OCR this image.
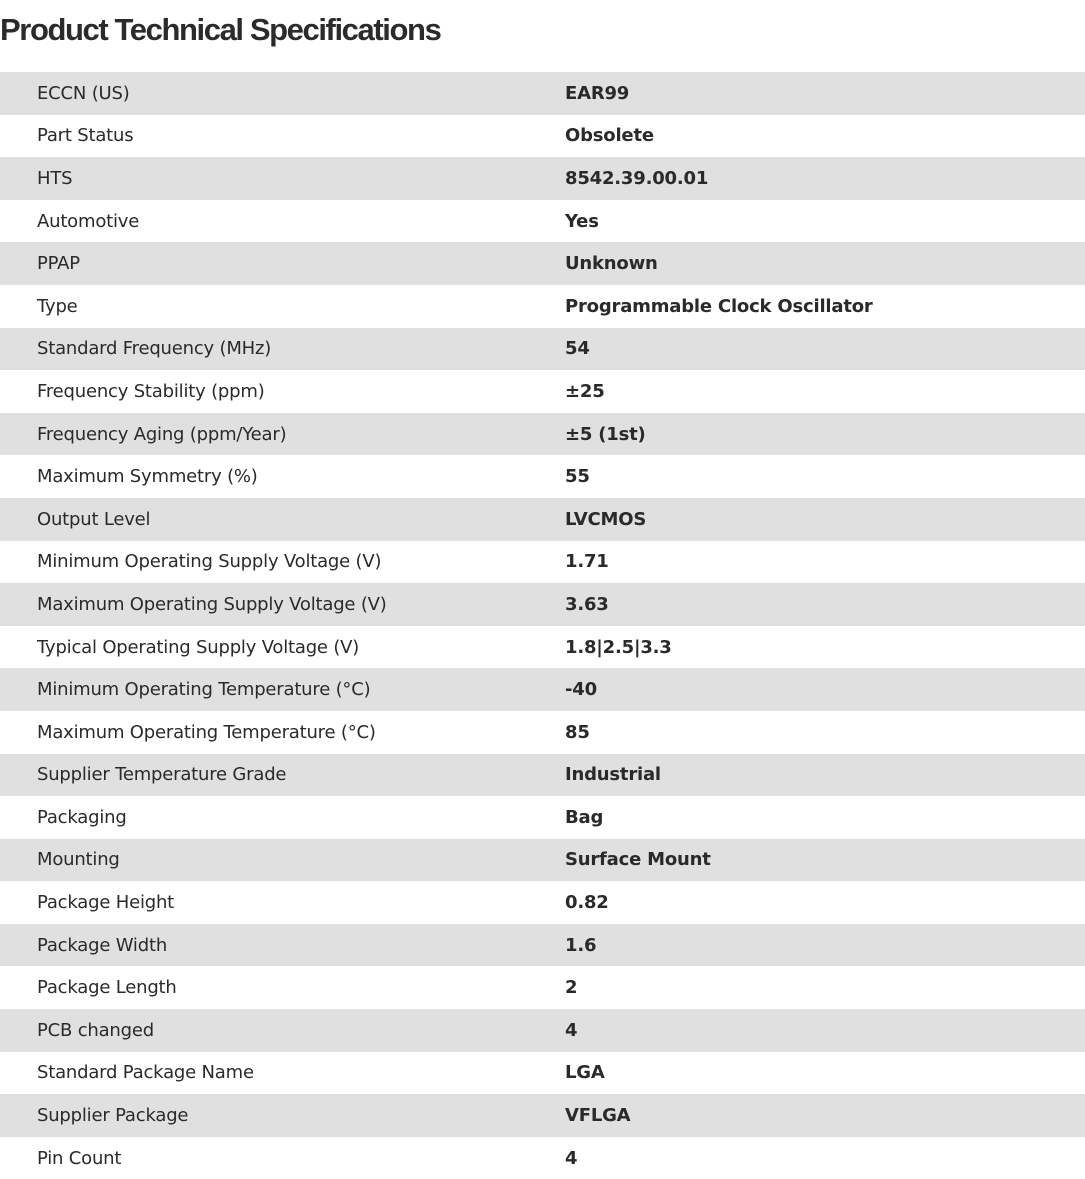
Product Technical Specifications
ECCN (US)	EAR99
Part Status	Obsolete
HTS	8542.39.00.01
Automotive	Yes
PPAP	Unknown
Type	Programmable Clock Oscillator
Standard Frequency (MHz)	54
Frequency Stability (ppm)	±25
Frequency Aging (ppm/Year)	±5 (1st)
Maximum Symmetry (%)	55
Output Level	LVCMOS
Minimum Operating Supply Voltage (V)	1.71
Maximum Operating Supply Voltage (V)	3.63
Typical Operating Supply Voltage (V)	1.8|2.5|3.3
Minimum Operating Temperature (°C)	-40
Maximum Operating Temperature (°C)	85
Supplier Temperature Grade	Industrial
Packaging	Bag
Mounting	Surface Mount
Package Height	0.82
Package Width	1.6
Package Length	2
PCB changed	4
Standard Package Name	LGA
Supplier Package	VFLGA
Pin Count	4
